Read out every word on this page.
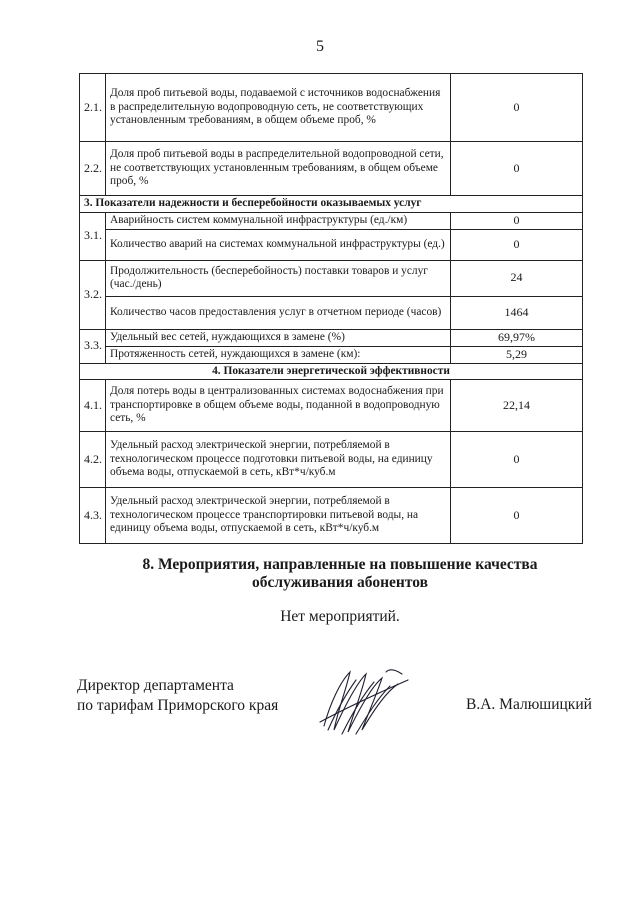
5
2.1.	Доля проб питьевой воды, подаваемой с источников водоснабжения в распределительную водопроводную сеть, не соответствующих установленным требованиям, в общем объеме проб, %	0
2.2.	Доля проб питьевой воды в распределительной водопроводной сети, не соответствующих установленным требованиям, в общем объеме проб, %	0
3. Показатели надежности и бесперебойности оказываемых услуг		
3.1.	Аварийность систем коммунальной инфраструктуры (ед./км)	0
	Количество аварий на системах коммунальной инфраструктуры (ед.)	0
3.2.	Продолжительность (бесперебойность) поставки товаров и услуг (час./день)	24
	Количество часов предоставления услуг в отчетном периоде (часов)	1464
3.3.	Удельный вес сетей, нуждающихся в замене (%)	69,97%
	Протяженность сетей, нуждающихся в замене (км):	5,29
4. Показатели энергетической эффективности		
4.1.	Доля потерь воды в централизованных системах водоснабжения при транспортировке в общем объеме воды, поданной в водопроводную сеть, %	22,14
4.2.	Удельный расход электрической энергии, потребляемой в технологическом процессе подготовки питьевой воды, на единицу объема воды, отпускаемой в сеть, кВт*ч/куб.м	0
4.3.	Удельный расход электрической энергии, потребляемой в технологическом процессе транспортировки питьевой воды, на единицу объема воды, отпускаемой в сеть, кВт*ч/куб.м	0
8. Мероприятия, направленные на повышение качества
обслуживания абонентов
Нет мероприятий.
Директор департамента
по тарифам Приморского края	В.А. Малюшицкий
